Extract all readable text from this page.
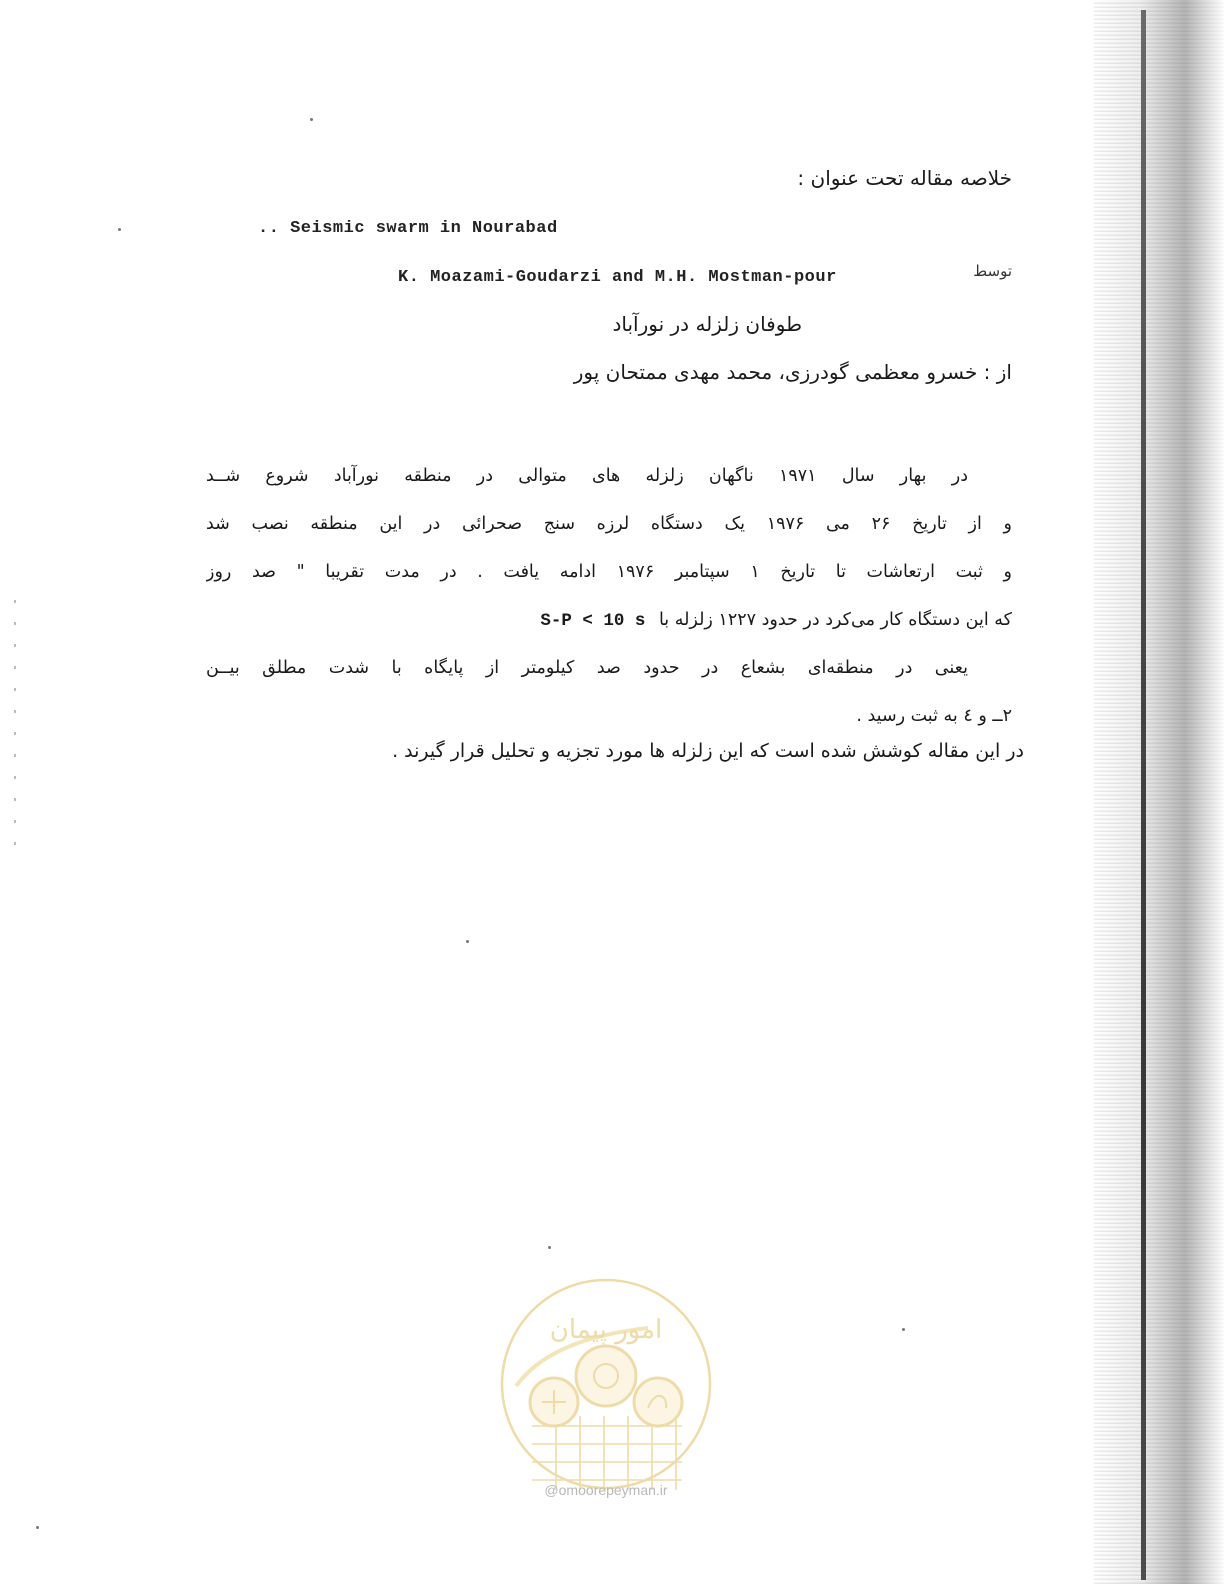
خلاصه مقاله تحت عنوان :
.. Seismic swarm in Nourabad
توسط
K. Moazami-Goudarzi and M.H. Mostman-pour
طوفان زلزله در نورآباد
از : خسرو معظمی گودرزی، محمد مهدی ممتحان پور
در بهار سال ۱۹۷۱ ناگهان زلزله های متوالی در منطقه نورآباد شروع شــد
و از تاریخ ۲۶ می ۱۹۷۶ یک دستگاه لرزه سنج صحرائی در این منطقه نصب شد
و ثبت ارتعاشات تا تاریخ ۱ سپتامبر ۱۹۷۶ ادامه یافت . در مدت تقریبا " صد روز
که این دستگاه کار می‌کرد در حدود ۱۲۲۷ زلزله با S-P < 10 s
یعنی در منطقه‌ای بشعاع در حدود صد کیلومتر از پایگاه با شدت مطلق بیــن
۲ــ و ٤ به ثبت رسید .
در این مقاله کوشش شده است که این زلزله ها مورد تجزیه و تحلیل قرار گیرند .
امور پیمان
@omoorepeyman.ir
